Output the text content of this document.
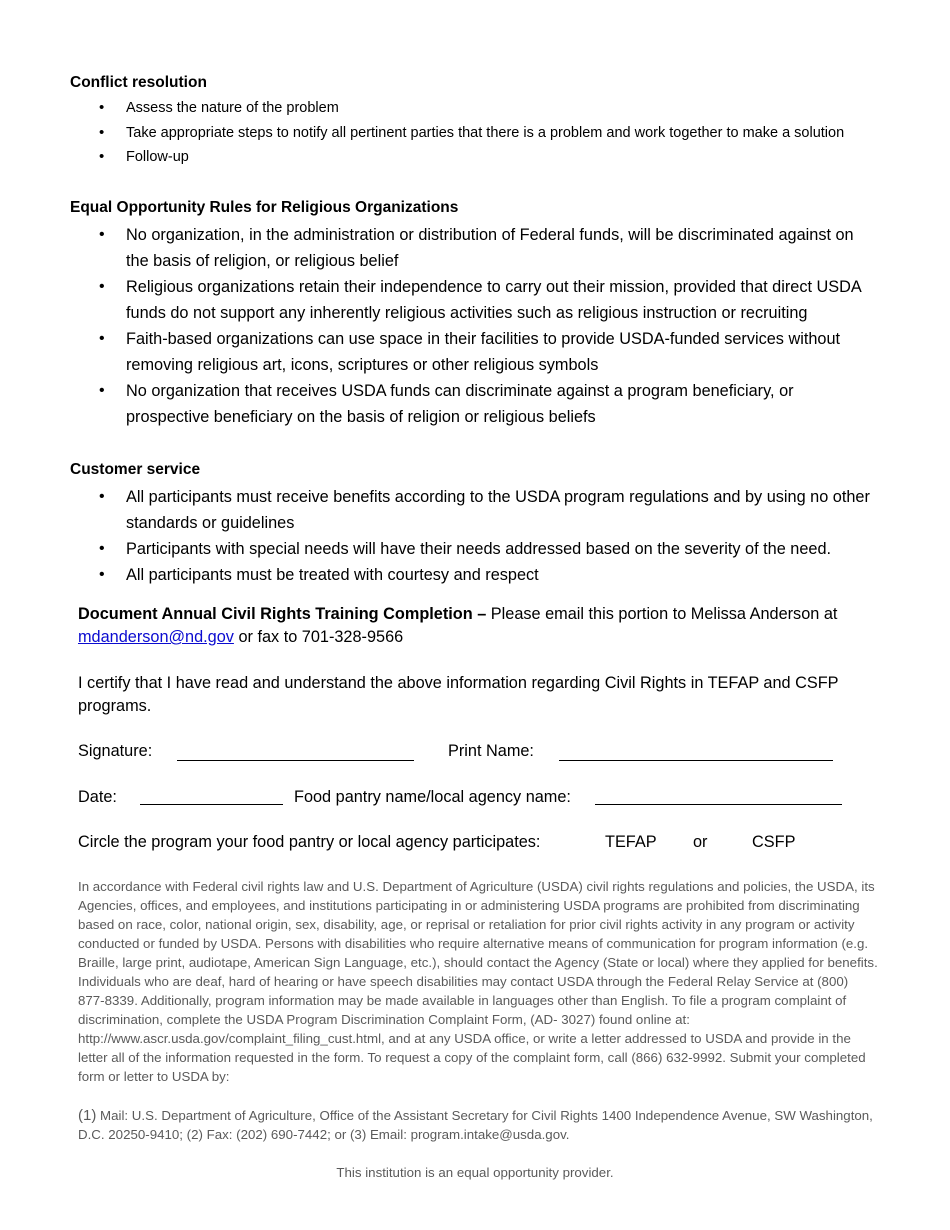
Conflict resolution
• Assess the nature of the problem
• Take appropriate steps to notify all pertinent parties that there is a problem and work together to make a solution
• Follow-up
Equal Opportunity Rules for Religious Organizations
• No organization, in the administration or distribution of Federal funds, will be discriminated against on the basis of religion, or religious belief
• Religious organizations retain their independence to carry out their mission, provided that direct USDA funds do not support any inherently religious activities such as religious instruction or recruiting
• Faith-based organizations can use space in their facilities to provide USDA-funded services without removing religious art, icons, scriptures or other religious symbols
• No organization that receives USDA funds can discriminate against a program beneficiary, or prospective beneficiary on the basis of religion or religious beliefs
Customer service
• All participants must receive benefits according to the USDA program regulations and by using no other standards or guidelines
• Participants with special needs will have their needs addressed based on the severity of the need.
• All participants must be treated with courtesy and respect
Document Annual Civil Rights Training Completion – Please email this portion to Melissa Anderson at mdanderson@nd.gov or fax to 701-328-9566
I certify that I have read and understand the above information regarding Civil Rights in TEFAP and CSFP programs.
Signature:	Print Name:
Date:	Food pantry name/local agency name:
Circle the program your food pantry or local agency participates:	TEFAP or	CSFP
In accordance with Federal civil rights law and U.S. Department of Agriculture (USDA) civil rights regulations and policies, the USDA, its Agencies, offices, and employees, and institutions participating in or administering USDA programs are prohibited from discriminating based on race, color, national origin, sex, disability, age, or reprisal or retaliation for prior civil rights activity in any program or activity conducted or funded by USDA. Persons with disabilities who require alternative means of communication for program information (e.g. Braille, large print, audiotape, American Sign Language, etc.), should contact the Agency (State or local) where they applied for benefits. Individuals who are deaf, hard of hearing or have speech disabilities may contact USDA through the Federal Relay Service at (800) 877-8339. Additionally, program information may be made available in languages other than English. To file a program complaint of discrimination, complete the USDA Program Discrimination Complaint Form, (AD- 3027) found online at: http://www.ascr.usda.gov/complaint_filing_cust.html, and at any USDA office, or write a letter addressed to USDA and provide in the letter all of the information requested in the form. To request a copy of the complaint form, call (866) 632-9992. Submit your completed form or letter to USDA by:
(1) Mail: U.S. Department of Agriculture, Office of the Assistant Secretary for Civil Rights 1400 Independence Avenue, SW Washington, D.C. 20250-9410; (2) Fax: (202) 690-7442; or (3) Email: program.intake@usda.gov.
This institution is an equal opportunity provider.
